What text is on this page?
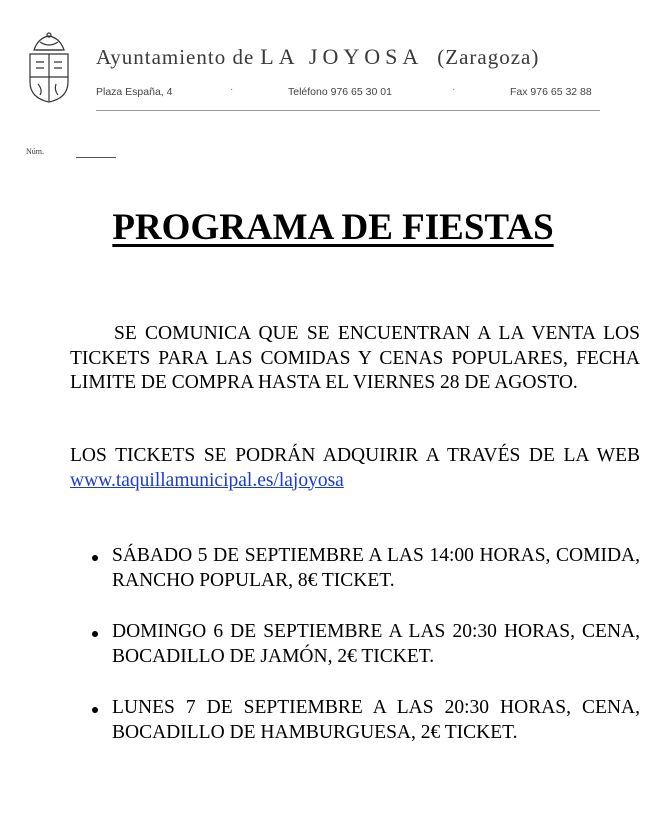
Ayuntamiento de LA JOYOSA (Zaragoza)
Plaza España, 4	·	Teléfono 976 65 30 01	·	Fax 976 65 32 88
Núm.
PROGRAMA DE FIESTAS

SE COMUNICA QUE SE ENCUENTRAN A LA VENTA LOS TICKETS PARA LAS COMIDAS Y CENAS POPULARES, FECHA LIMITE DE COMPRA HASTA EL VIERNES 28 DE AGOSTO.

LOS TICKETS SE PODRÁN ADQUIRIR A TRAVÉS DE LA WEB www.taquillamunicipal.es/lajoyosa

SÁBADO 5 DE SEPTIEMBRE A LAS 14:00 HORAS, COMIDA, RANCHO POPULAR, 8€ TICKET.
DOMINGO 6 DE SEPTIEMBRE A LAS 20:30 HORAS, CENA, BOCADILLO DE JAMÓN, 2€ TICKET.
LUNES 7 DE SEPTIEMBRE A LAS 20:30 HORAS, CENA, BOCADILLO DE HAMBURGUESA, 2€ TICKET.
